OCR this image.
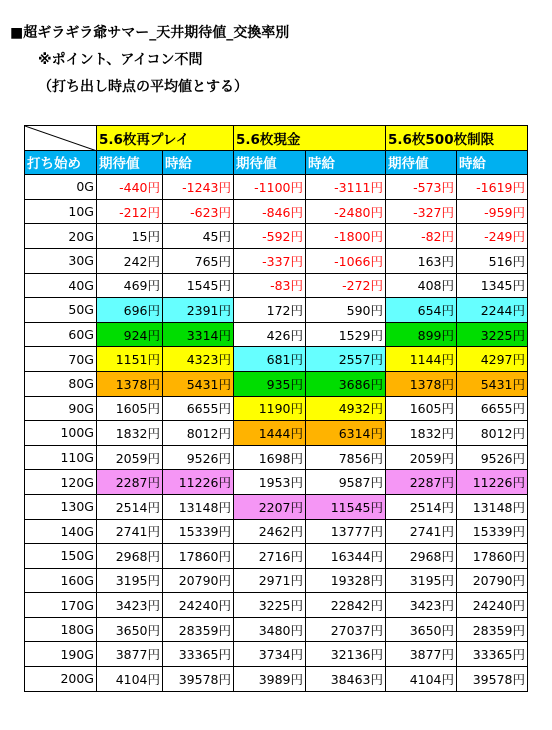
■超ギラギラ爺サマー_天井期待値_交換率別
※ポイント、アイコン不問
（打ち出し時点の平均値とする）
	5.6枚再プレイ		5.6枚現金		5.6枚500枚制限	
打ち始め	期待値	時給	期待値	時給	期待値	時給
0G	-440円	-1243円	-1100円	-3111円	-573円	-1619円
10G	-212円	-623円	-846円	-2480円	-327円	-959円
20G	15円	45円	-592円	-1800円	-82円	-249円
30G	242円	765円	-337円	-1066円	163円	516円
40G	469円	1545円	-83円	-272円	408円	1345円
50G	696円	2391円	172円	590円	654円	2244円
60G	924円	3314円	426円	1529円	899円	3225円
70G	1151円	4323円	681円	2557円	1144円	4297円
80G	1378円	5431円	935円	3686円	1378円	5431円
90G	1605円	6655円	1190円	4932円	1605円	6655円
100G	1832円	8012円	1444円	6314円	1832円	8012円
110G	2059円	9526円	1698円	7856円	2059円	9526円
120G	2287円	11226円	1953円	9587円	2287円	11226円
130G	2514円	13148円	2207円	11545円	2514円	13148円
140G	2741円	15339円	2462円	13777円	2741円	15339円
150G	2968円	17860円	2716円	16344円	2968円	17860円
160G	3195円	20790円	2971円	19328円	3195円	20790円
170G	3423円	24240円	3225円	22842円	3423円	24240円
180G	3650円	28359円	3480円	27037円	3650円	28359円
190G	3877円	33365円	3734円	32136円	3877円	33365円
200G	4104円	39578円	3989円	38463円	4104円	39578円
